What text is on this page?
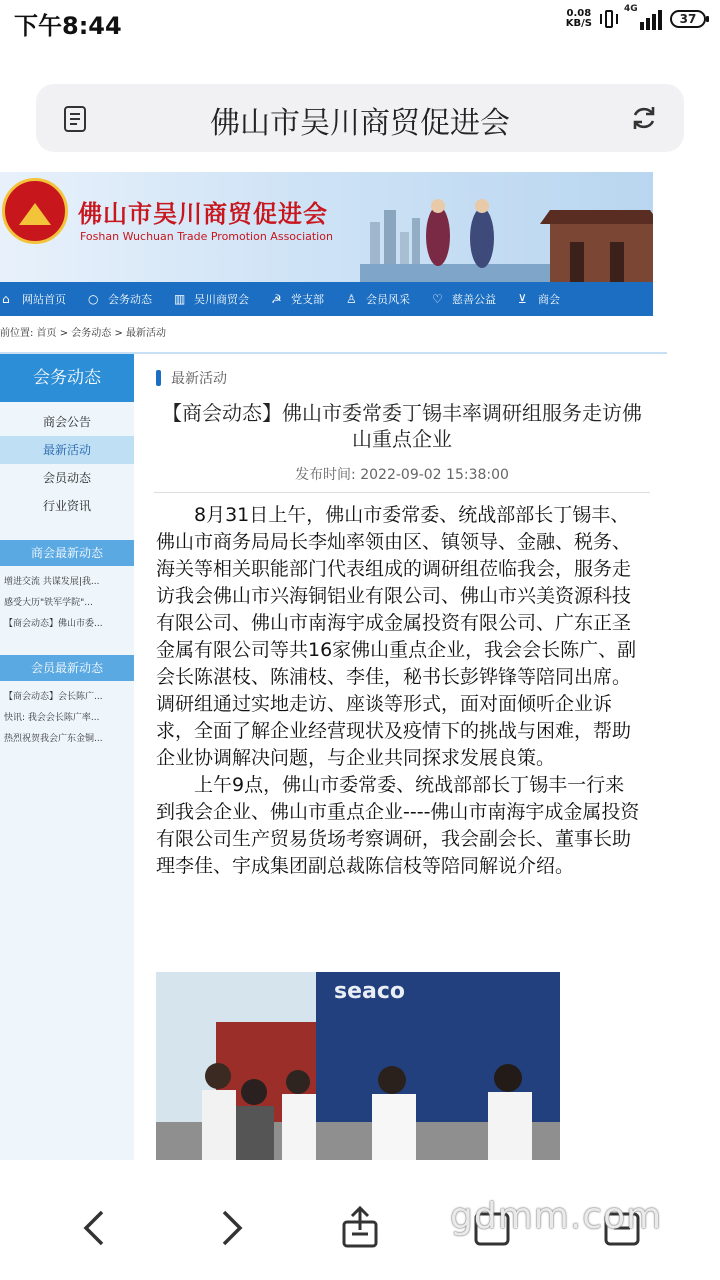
下午8:44	0.08
KB/S
4G
37
佛山市吴川商贸促进会
佛山市吴川商贸促进会
Foshan Wuchuan Trade Promotion Association
⌂	网站首页 ○ 会务动态 ▥ 吴川商贸会 ☭ 党支部 ♙ 会员风采 ♡ 慈善公益 ⊻	商会
前位置: 首页 > 会务动态 > 最新活动
会务动态
商会公告
最新活动
会员动态
行业资讯
商会最新动态
增进交流 共谋发展|我...
感受大历"铁军学院"...
【商会动态】佛山市委...
会员最新动态
【商会动态】会长陈广...
快讯: 我会会长陈广率...
热烈祝贺我会广东金铜...
最新活动
【商会动态】佛山市委常委丁锡丰率调研组服务走访佛山重点企业
发布时间: 2022-09-02 15:38:00

8月31日上午，佛山市委常委、统战部部长丁锡丰、佛山市商务局局长李灿率领由区、镇领导、金融、税务、海关等相关职能部门代表组成的调研组莅临我会，服务走访我会佛山市兴海铜铝业有限公司、佛山市兴美资源科技有限公司、佛山市南海宇成金属投资有限公司、广东正圣金属有限公司等共16家佛山重点企业，我会会长陈广、副会长陈湛枝、陈浦枝、李佳，秘书长彭铧锋等陪同出席。调研组通过实地走访、座谈等形式，面对面倾听企业诉求，全面了解企业经营现状及疫情下的挑战与困难，帮助企业协调解决问题，与企业共同探求发展良策。

上午9点，佛山市委常委、统战部部长丁锡丰一行来到我会企业、佛山市重点企业----佛山市南海宇成金属投资有限公司生产贸易货场考察调研，我会副会长、董事长助理李佳、宇成集团副总裁陈信枝等陪同解说介绍。

seaco
gdmm.com
